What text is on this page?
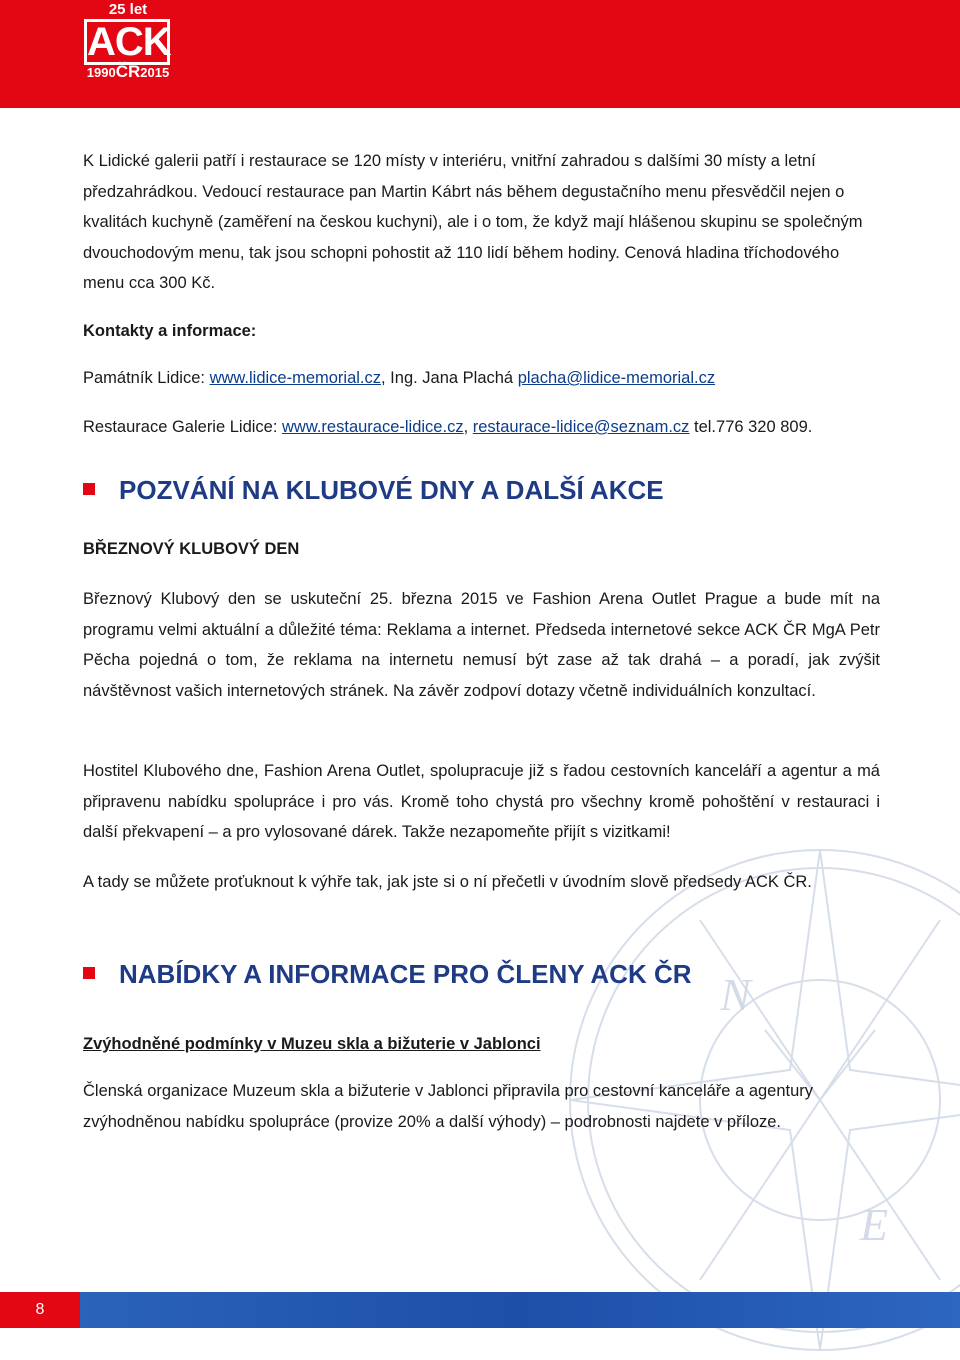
25 let
ACK
1990ČR2015
N
E

K Lidické galerii patří i restaurace se 120 místy v interiéru, vnitřní zahradou s dalšími 30 místy a letní předzahrádkou. Vedoucí restaurace pan Martin Kábrt nás během degustačního menu přesvědčil nejen o kvalitách kuchyně (zaměření na českou kuchyni), ale i o tom, že když mají hlášenou skupinu se společným dvouchodovým menu, tak jsou schopni pohostit až 110 lidí během hodiny. Cenová hladina tříchodového menu cca 300 Kč.

Kontakty a informace:
Památník Lidice: www.lidice-memorial.cz, Ing. Jana Plachá placha@lidice-memorial.cz
Restaurace Galerie Lidice: www.restaurace-lidice.cz, restaurace-lidice@seznam.cz tel.776 320 809.
POZVÁNÍ NA KLUBOVÉ DNY A DALŠÍ AKCE
BŘEZNOVÝ KLUBOVÝ DEN

Březnový Klubový den se uskuteční 25. března 2015 ve Fashion Arena Outlet Prague a bude mít na programu velmi aktuální a důležité téma: Reklama a internet. Předseda internetové sekce ACK ČR MgA Petr Pěcha pojedná o tom, že reklama na internetu nemusí být zase až tak drahá – a poradí, jak zvýšit návštěvnost vašich internetových stránek. Na závěr zodpoví dotazy včetně individuálních konzultací.

Hostitel Klubového dne, Fashion Arena Outlet, spolupracuje již s řadou cestovních kanceláří a agentur a má připravenu nabídku spolupráce i pro vás. Kromě toho chystá pro všechny kromě pohoštění v restauraci i další překvapení – a pro vylosované dárek. Takže nezapomeňte přijít s vizitkami!

A tady se můžete proťuknout k výhře tak, jak jste si o ní přečetli v úvodním slově předsedy ACK ČR.

NABÍDKY A INFORMACE PRO ČLENY ACK ČR
Zvýhodněné podmínky v Muzeu skla a bižuterie v Jablonci

Členská organizace Muzeum skla a bižuterie v Jablonci připravila pro cestovní kanceláře a agentury zvýhodněnou nabídku spolupráce (provize 20% a další výhody) – podrobnosti najdete v příloze.

8
